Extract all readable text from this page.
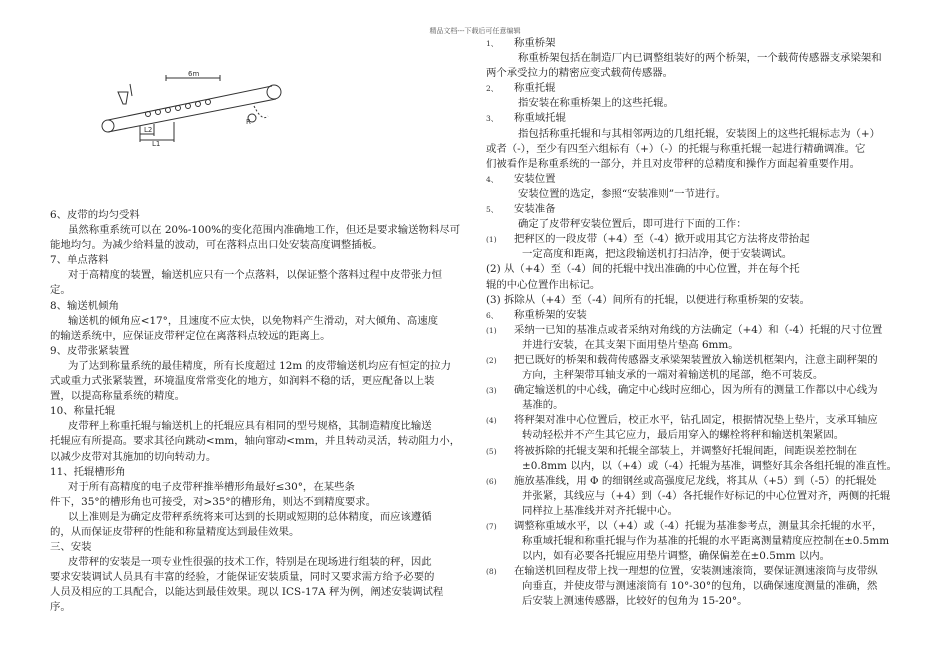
精品文档---下载后可任意编辑
6m
L2
L1
R
6、皮带的均匀受料
虽然称重系统可以在 20%-100%的变化范围内准确地工作，但还是要求输送物料尽可
能地均匀。为减少给料量的波动，可在落料点出口处安装高度调整插板。
7、单点落料
对于高精度的装置，输送机应只有一个点落料，以保证整个落料过程中皮带张力恒
定。
8、输送机倾角
输送机的倾角应<17°，且速度不应太快，以免物料产生滑动，对大倾角、高速度
的输送系统中，应保证皮带秤定位在离落料点较远的距离上。
9、皮带张紧装置
为了达到称量系统的最佳精度，所有长度超过 12m 的皮带输送机均应有恒定的拉力
式或重力式张紧装置，环境温度常常变化的地方，如润料不稳的话，更应配备以上装
置，以提高称量系统的精度。
10、称量托辊
皮带秤上称重托辊与输送机上的托辊应具有相同的型号规格，其制造精度比输送
托辊应有所提高。要求其径向跳动<mm，轴向窜动<mm，并且转动灵活，转动阻力小，
以减少皮带对其施加的切向转动力。
11、托辊槽形角
对于所有高精度的电子皮带秤推举槽形角最好≤30°，在某些条
件下，35°的槽形角也可接受，对>35°的槽形角，则达不到精度要求。
以上准则是为确定皮带秤系统将来可达到的长期或短期的总体精度，而应该遵循
的，从而保证皮带秤的性能和称量精度达到最佳效果。
三、安装
皮带秤的安装是一项专业性很强的技术工作，特别是在现场进行组装的秤，因此
要求安装调试人员具有丰富的经验，才能保证安装质量，同时又要求需方给予必要的
人员及相应的工具配合，以能达到最佳效果。现以 ICS-17A 秤为例，阐述安装调试程
序。
1、 称重桥架
称重桥架包括在制造厂内已调整组装好的两个桥架，一个载荷传感器支承梁架和
两个承受拉力的精密应变式载荷传感器。
2、 称重托辊
指安装在称重桥架上的这些托辊。
3、 称重域托辊
指包括称重托辊和与其相邻两边的几组托辊，安装图上的这些托辊标志为（+）
或者（-），至少有四至六组标有（+）（-）的托辊与称重托辊一起进行精确调准。它
们被看作是称重系统的一部分，并且对皮带秤的总精度和操作方面起着重要作用。
4、 安装位置
安装位置的选定，参照“安装准则”一节进行。
5、 安装准备
确定了皮带秤安装位置后，即可进行下面的工作：
(1) 把秤区的一段皮带（+4）至（-4）掀开或用其它方法将皮带抬起
一定高度和距离，把这段输送机打扫洁净，便于安装调试。
(2) 从（+4）至（-4）间的托辊中找出准确的中心位置，并在每个托
辊的中心位置作出标记。
(3) 拆除从（+4）至（-4）间所有的托辊，以便进行称重桥架的安装。
6、 称重桥架的安装
(1) 采纳一已知的基准点或者采纳对角线的方法确定（+4）和（-4）托辊的尺寸位置
并进行安装，在其支架下面用垫片垫高 6mm。
(2) 把已既好的桥架和载荷传感器支承梁架装置放入输送机框架内，注意主副秤架的
方向，主秤架带耳轴支承的一端对着输送机的尾部，绝不可装反。
(3) 确定输送机的中心线，确定中心线时应细心，因为所有的测量工作都以中心线为
基准的。
(4) 将秤架对准中心位置后，校正水平，钻孔固定，根据情况垫上垫片，支承耳轴应
转动轻松并不产生其它应力，最后用穿入的螺栓将秤和输送机架紧固。
(5) 将被拆除的托辊支架和托辊全部装上，并调整好托辊间距，间距误差控制在
±0.8mm 以内，以（+4）或（-4）托辊为基准，调整好其余各组托辊的准直性。
(6) 施放基准线，用 Φ 的细钢丝或高强度尼龙线，将其从（+5）到（-5）的托辊处
并张紧，其线应与（+4）到（-4）各托辊作好标记的中心位置对齐，两侧的托辊
同样拉上基准线并对齐托辊中心。
(7) 调整称重域水平，以（+4）或（-4）托辊为基准参考点，测量其余托辊的水平，
称重域托辊和称重托辊与作为基准的托辊的水平距离测量精度应控制在±0.5mm
以内，如有必要各托辊应用垫片调整，确保偏差在±0.5mm 以内。
(8) 在输送机回程皮带上找一理想的位置，安装测速滚筒，要保证测速滚筒与皮带纵
向垂直，并使皮带与测速滚筒有 10°-30°的包角，以确保速度测量的准确，然
后安装上测速传感器，比较好的包角为 15-20°。
